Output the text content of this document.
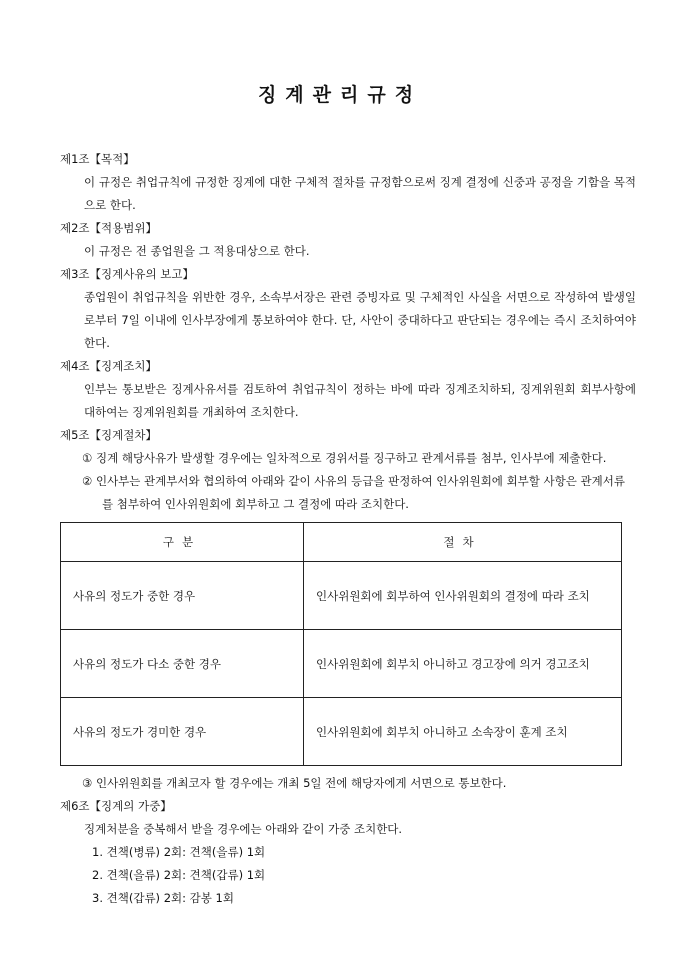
징계관리규정
제1조【목적】
이 규정은 취업규칙에 규정한 징계에 대한 구체적 절차를 규정함으로써 징계 결정에 신중과 공정을 기함을 목적으로 한다.
제2조【적용범위】
이 규정은 전 종업원을 그 적용대상으로 한다.
제3조【징계사유의 보고】
종업원이 취업규칙을 위반한 경우, 소속부서장은 관련 증빙자료 및 구체적인 사실을 서면으로 작성하여 발생일로부터 7일 이내에 인사부장에게 통보하여야 한다. 단, 사안이 중대하다고 판단되는 경우에는 즉시 조치하여야 한다.
제4조【징계조치】
인부는 통보받은 징계사유서를 검토하여 취업규칙이 정하는 바에 따라 징계조치하되, 징계위원회 회부사항에 대하여는 징계위원회를 개최하여 조치한다.
제5조【징계절차】
① 징계 해당사유가 발생할 경우에는 일차적으로 경위서를 징구하고 관계서류를 첨부, 인사부에 제출한다.
② 인사부는 관계부서와 협의하여 아래와 같이 사유의 등급을 판정하여 인사위원회에 회부할 사항은 관계서류를 첨부하여 인사위원회에 회부하고 그 결정에 따라 조치한다.
구분	절차
사유의 정도가 중한 경우	인사위원회에 회부하여 인사위원회의 결정에 따라 조치
사유의 정도가 다소 중한 경우	인사위원회에 회부치 아니하고 경고장에 의거 경고조치
사유의 정도가 경미한 경우	인사위원회에 회부치 아니하고 소속장이 훈계 조치
③ 인사위원회를 개최코자 할 경우에는 개최 5일 전에 해당자에게 서면으로 통보한다.
제6조【징계의 가중】
징계처분을 중복해서 받을 경우에는 아래와 같이 가중 조치한다.
1. 견책(병류) 2회: 견책(을류) 1회
2. 견책(을류) 2회: 견책(갑류) 1회
3. 견책(갑류) 2회: 감봉 1회
